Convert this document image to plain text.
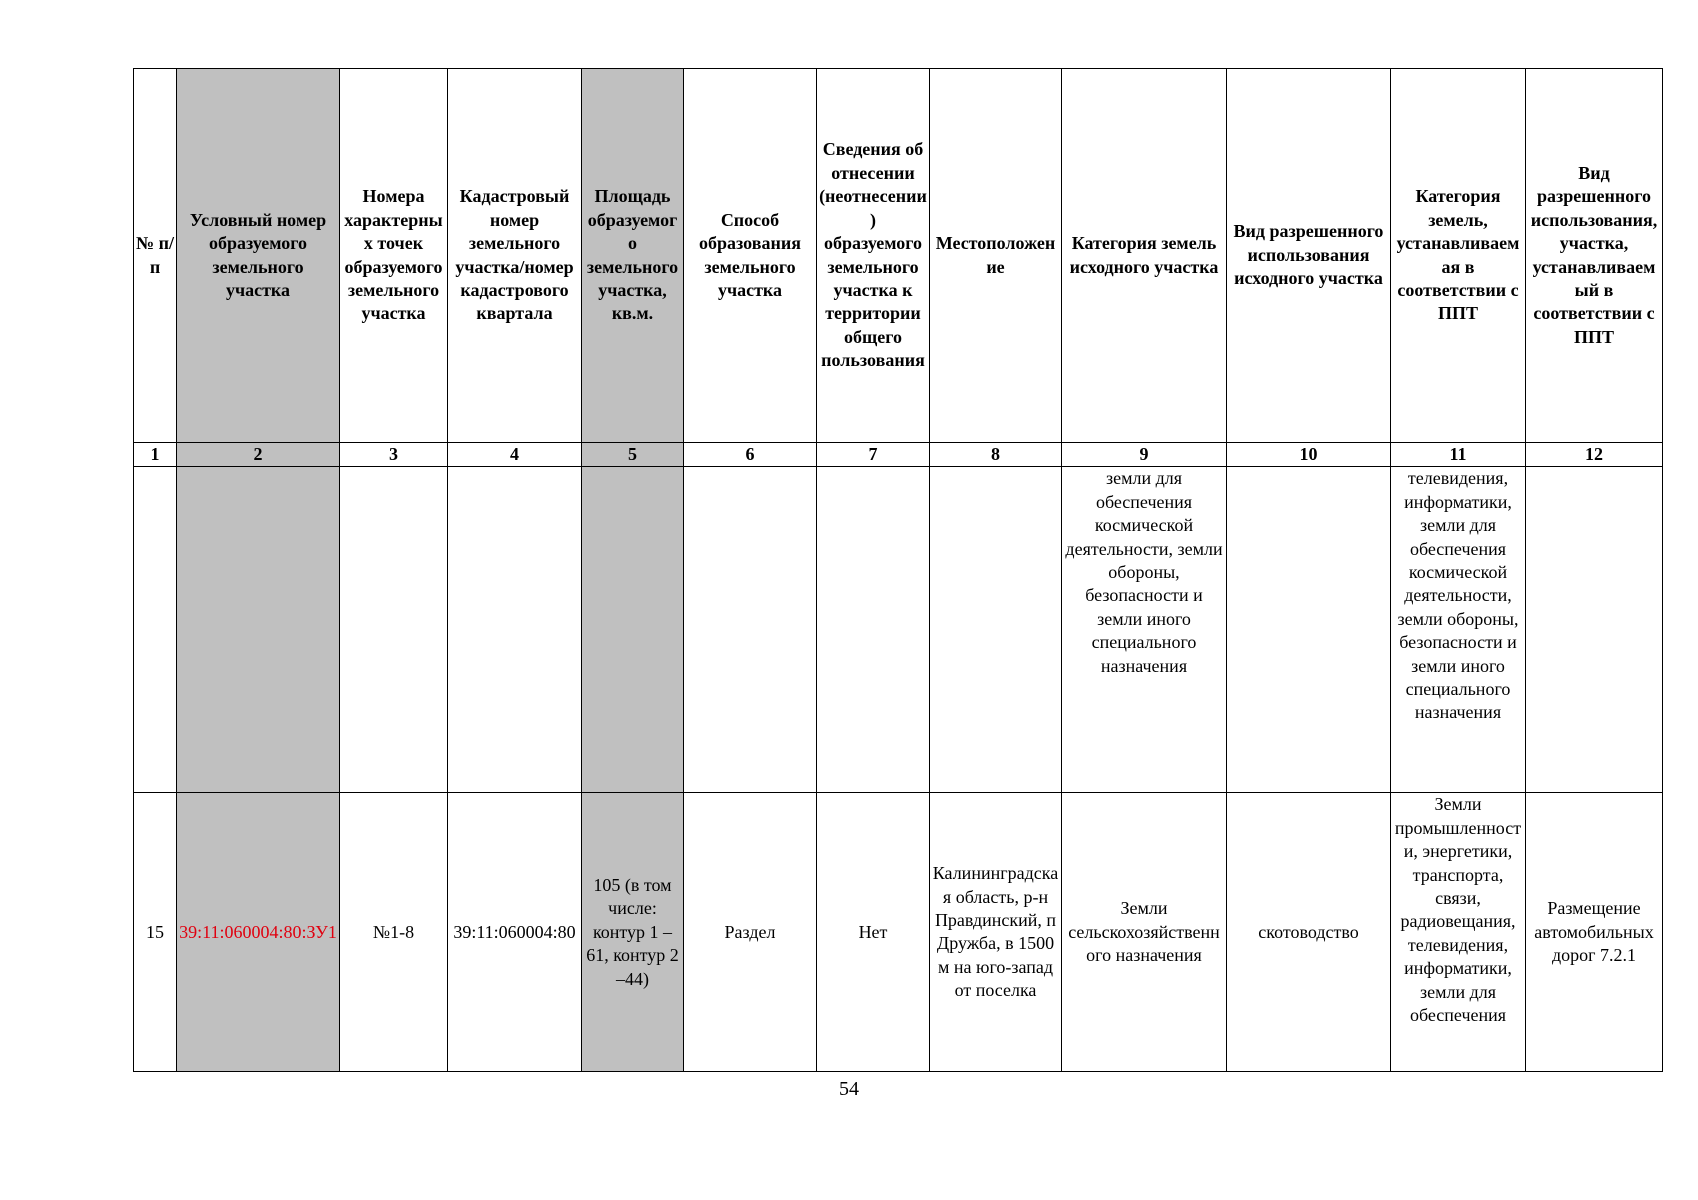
№ п/п	Условный номер образуемого земельного участка	Номера характерных точек образуемого земельного участка	Кадастровый номер земельного участка/номер кадастрового квартала	Площадь образуемого земельного участка, кв.м.	Способ образования земельного участка	Сведения об отнесении (неотнесении) образуемого земельного участка к территории общего пользования	Местоположение	Категория земель исходного участка	Вид разрешенного использования исходного участка	Категория земель, устанавливаемая в соответствии с ППТ	Вид разрешенного использования, участка, устанавливаемый в соответствии с ППТ
1	2	3	4	5	6	7	8	9	10	11	12
								земли для обеспечения космической деятельности, земли обороны, безопасности и земли иного специального назначения		телевидения, информатики, земли для обеспечения космической деятельности, земли обороны, безопасности и земли иного специального назначения	
15	39:11:060004:80:ЗУ1	№1-8	39:11:060004:80	105 (в том числе: контур 1 – 61, контур 2 –44)	Раздел	Нет	Калининградская область, р-н Правдинский, п Дружба, в 1500 м на юго-запад от поселка	Земли сельскохозяйственного назначения	скотоводство	Земли промышленности, энергетики, транспорта, связи, радиовещания, телевидения, информатики, земли для обеспечения	Размещение автомобильных дорог 7.2.1
54
